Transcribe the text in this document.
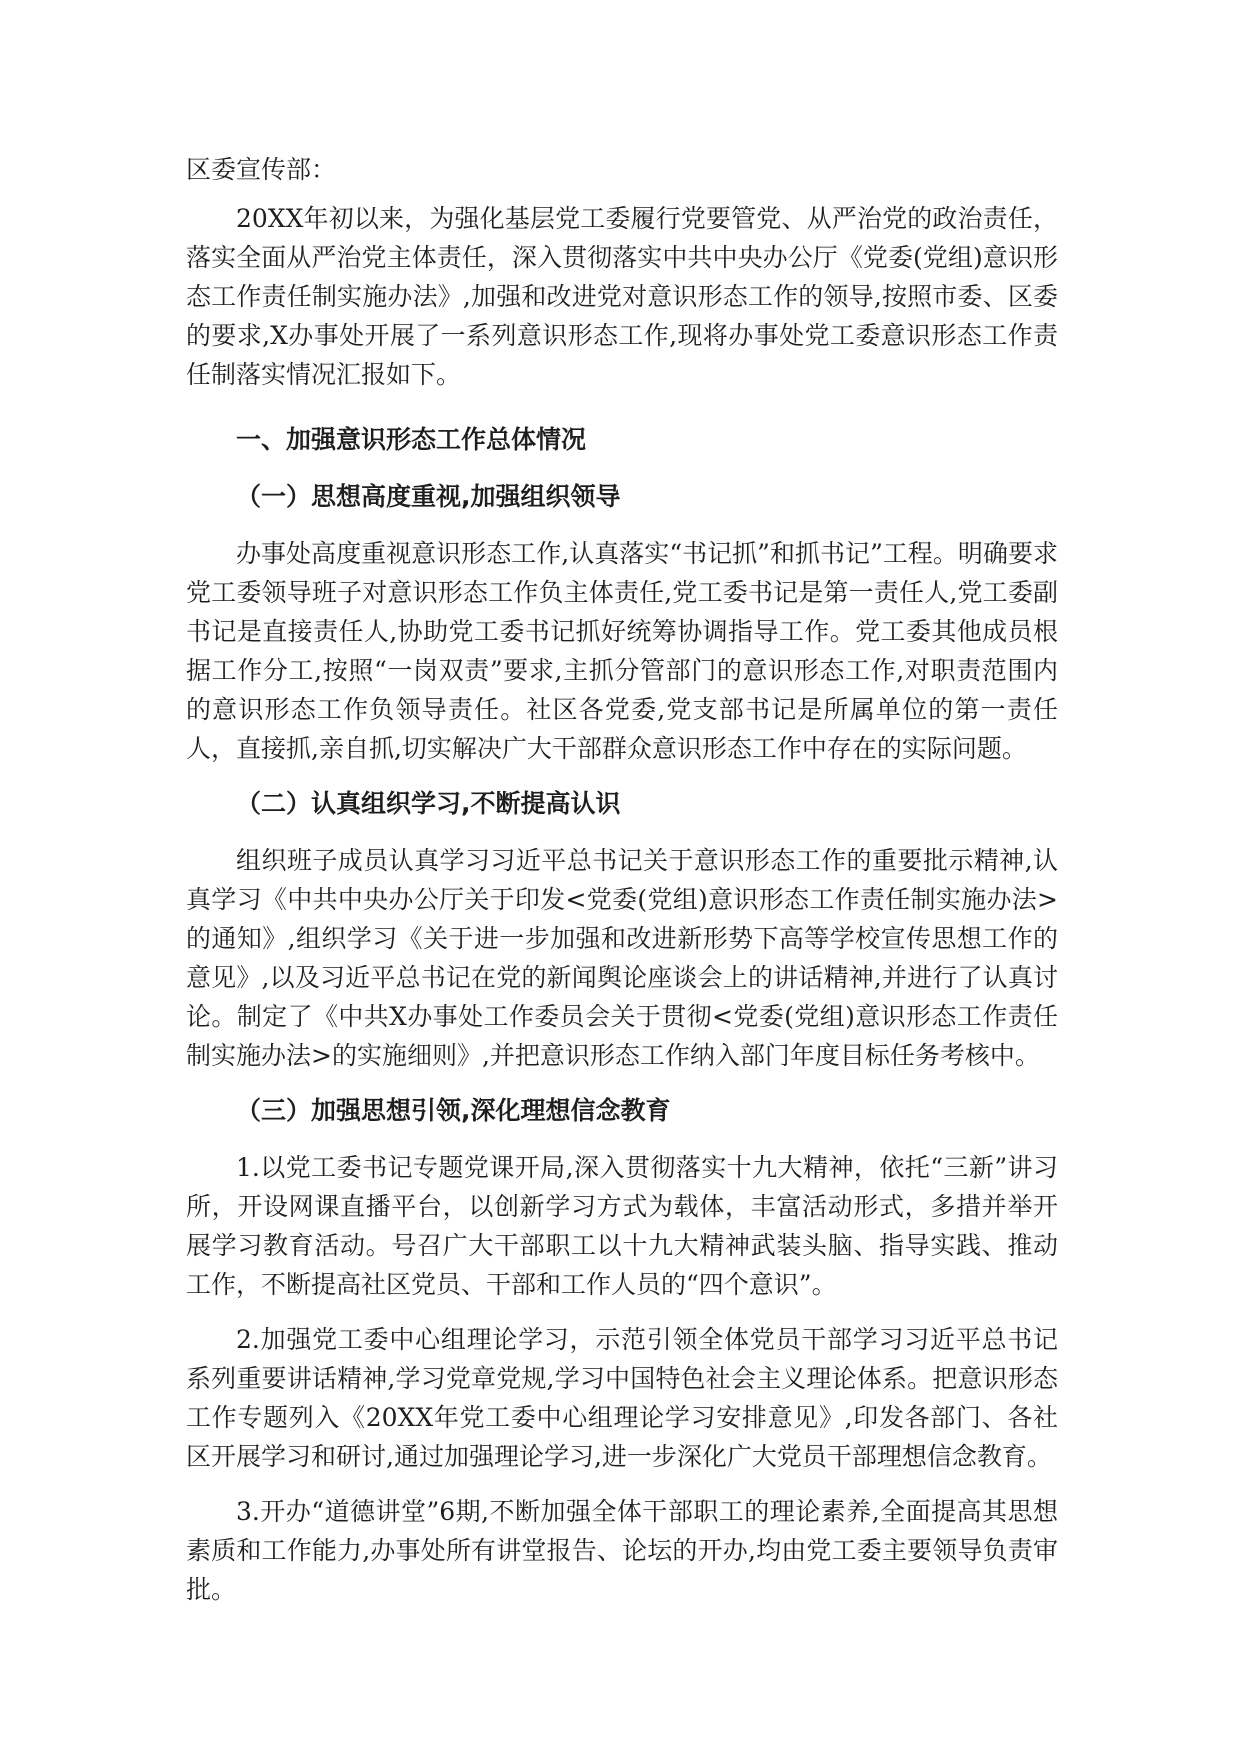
区委宣传部：

20XX年初以来，为强化基层党工委履行党要管党、从严治党的政治责任，落实全面从严治党主体责任，深入贯彻落实中共中央办公厅《党委(党组)意识形态工作责任制实施办法》,加强和改进党对意识形态工作的领导,按照市委、区委的要求,X办事处开展了一系列意识形态工作,现将办事处党工委意识形态工作责任制落实情况汇报如下。

一、加强意识形态工作总体情况

（一）思想高度重视,加强组织领导

办事处高度重视意识形态工作,认真落实“书记抓”和抓书记”工程。明确要求党工委领导班子对意识形态工作负主体责任,党工委书记是第一责任人,党工委副书记是直接责任人,协助党工委书记抓好统筹协调指导工作。党工委其他成员根据工作分工,按照“一岗双责”要求,主抓分管部门的意识形态工作,对职责范围内的意识形态工作负领导责任。社区各党委,党支部书记是所属单位的第一责任人，直接抓,亲自抓,切实解决广大干部群众意识形态工作中存在的实际问题。

（二）认真组织学习,不断提高认识

组织班子成员认真学习习近平总书记关于意识形态工作的重要批示精神,认真学习《中共中央办公厅关于印发<党委(党组)意识形态工作责任制实施办法>的通知》,组织学习《关于进一步加强和改进新形势下高等学校宣传思想工作的意见》,以及习近平总书记在党的新闻舆论座谈会上的讲话精神,并进行了认真讨论。制定了《中共X办事处工作委员会关于贯彻<党委(党组)意识形态工作责任制实施办法>的实施细则》,并把意识形态工作纳入部门年度目标任务考核中。

（三）加强思想引领,深化理想信念教育

1.以党工委书记专题党课开局,深入贯彻落实十九大精神，依托“三新”讲习所，开设网课直播平台，以创新学习方式为载体，丰富活动形式，多措并举开展学习教育活动。号召广大干部职工以十九大精神武装头脑、指导实践、推动工作，不断提高社区党员、干部和工作人员的“四个意识”。

2.加强党工委中心组理论学习，示范引领全体党员干部学习习近平总书记系列重要讲话精神,学习党章党规,学习中国特色社会主义理论体系。把意识形态工作专题列入《20XX年党工委中心组理论学习安排意见》,印发各部门、各社区开展学习和研讨,通过加强理论学习,进一步深化广大党员干部理想信念教育。

3.开办“道德讲堂”6期,不断加强全体干部职工的理论素养,全面提高其思想素质和工作能力,办事处所有讲堂报告、论坛的开办,均由党工委主要领导负责审批。
